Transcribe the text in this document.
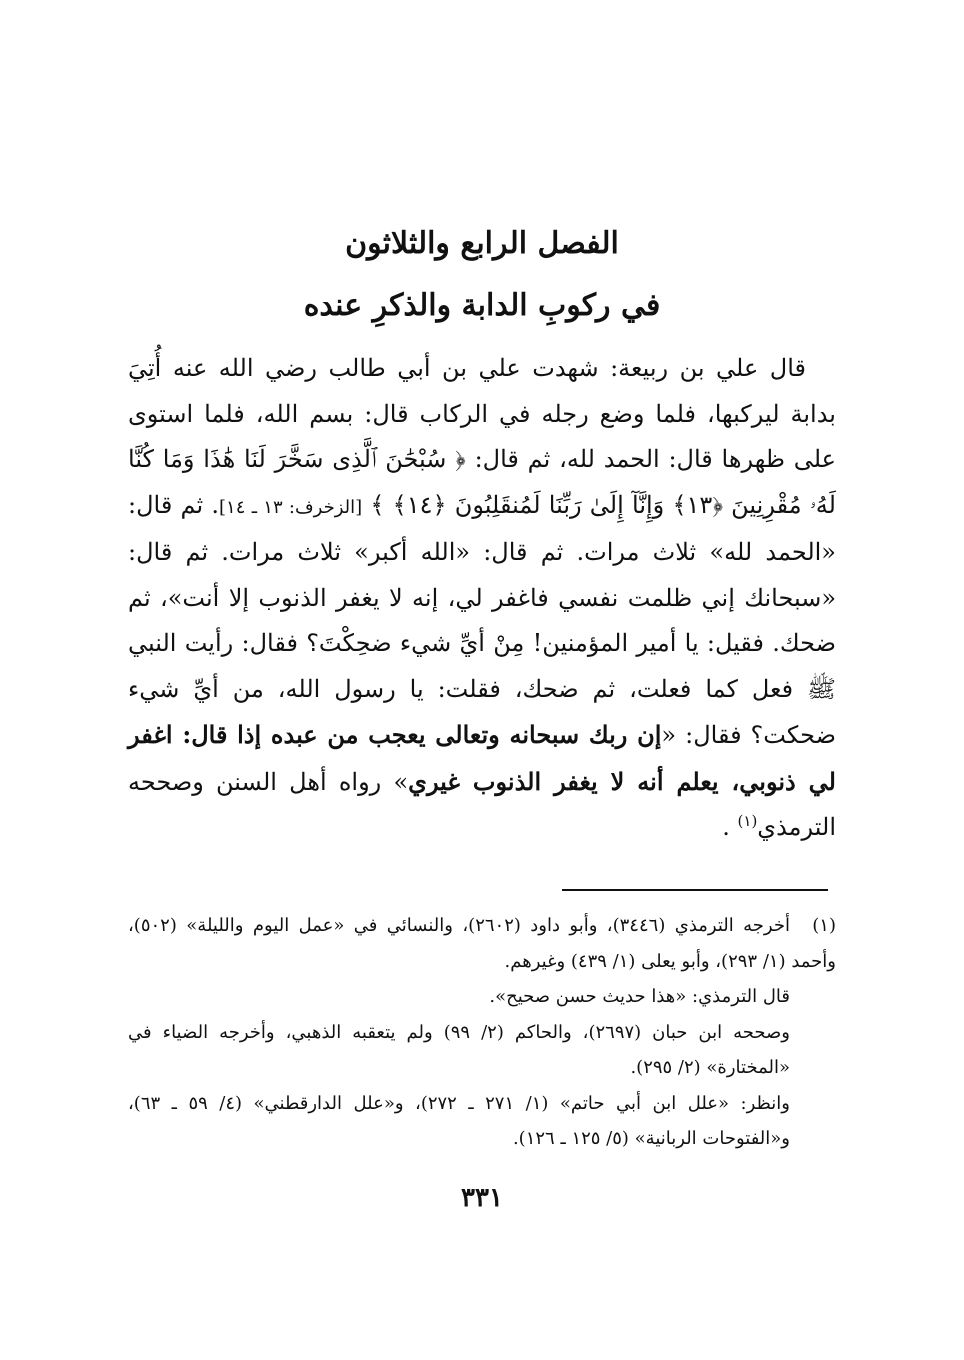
الفصل الرابع والثلاثون
في ركوبِ الدابة والذكرِ عنده

قال علي بن ربيعة: شهدت علي بن أبي طالب رضي الله عنه أُتِيَ بدابة ليركبها، فلما وضع رجله في الركاب قال: بسم الله، فلما استوى على ظهرها قال: الحمد لله، ثم قال: ﴿ سُبْحَٰنَ ٱلَّذِى سَخَّرَ لَنَا هَٰذَا وَمَا كُنَّا لَهُۥ مُقْرِنِينَ ﴿١٣﴾ وَإِنَّآ إِلَىٰ رَبِّنَا لَمُنقَلِبُونَ ﴿١٤﴾ ﴾ [الزخرف: ١٣ ـ ١٤]. ثم قال: «الحمد لله» ثلاث مرات. ثم قال: «الله أكبر» ثلاث مرات. ثم قال: «سبحانك إني ظلمت نفسي فاغفر لي، إنه لا يغفر الذنوب إلا أنت»، ثم ضحك. فقيل: يا أمير المؤمنين! مِنْ أيِّ شيء ضحِكْتَ؟ فقال: رأيت النبي ﷺ فعل كما فعلت، ثم ضحك، فقلت: يا رسول الله، من أيِّ شيء ضحكت؟ فقال: «إن ربك سبحانه وتعالى يعجب من عبده إذا قال: اغفر لي ذنوبي، يعلم أنه لا يغفر الذنوب غيري» رواه أهل السنن وصححه الترمذي$^{(١)}$ .

(١)أخرجه الترمذي (٣٤٤٦)، وأبو داود (٢٦٠٢)، والنسائي في «عمل اليوم والليلة» (٥٠٢)، وأحمد (١/ ٢٩٣)، وأبو يعلى (١/ ٤٣٩) وغيرهم.

قال الترمذي: «هذا حديث حسن صحيح».

وصححه ابن حبان (٢٦٩٧)، والحاكم (٢/ ٩٩) ولم يتعقبه الذهبي، وأخرجه الضياء في «المختارة» (٢/ ٢٩٥).

وانظر: «علل ابن أبي حاتم» (١/ ٢٧١ ـ ٢٧٢)، و«علل الدارقطني» (٤/ ٥٩ ـ ٦٣)، و«الفتوحات الربانية» (٥/ ١٢٥ ـ ١٢٦).

٣٣١
